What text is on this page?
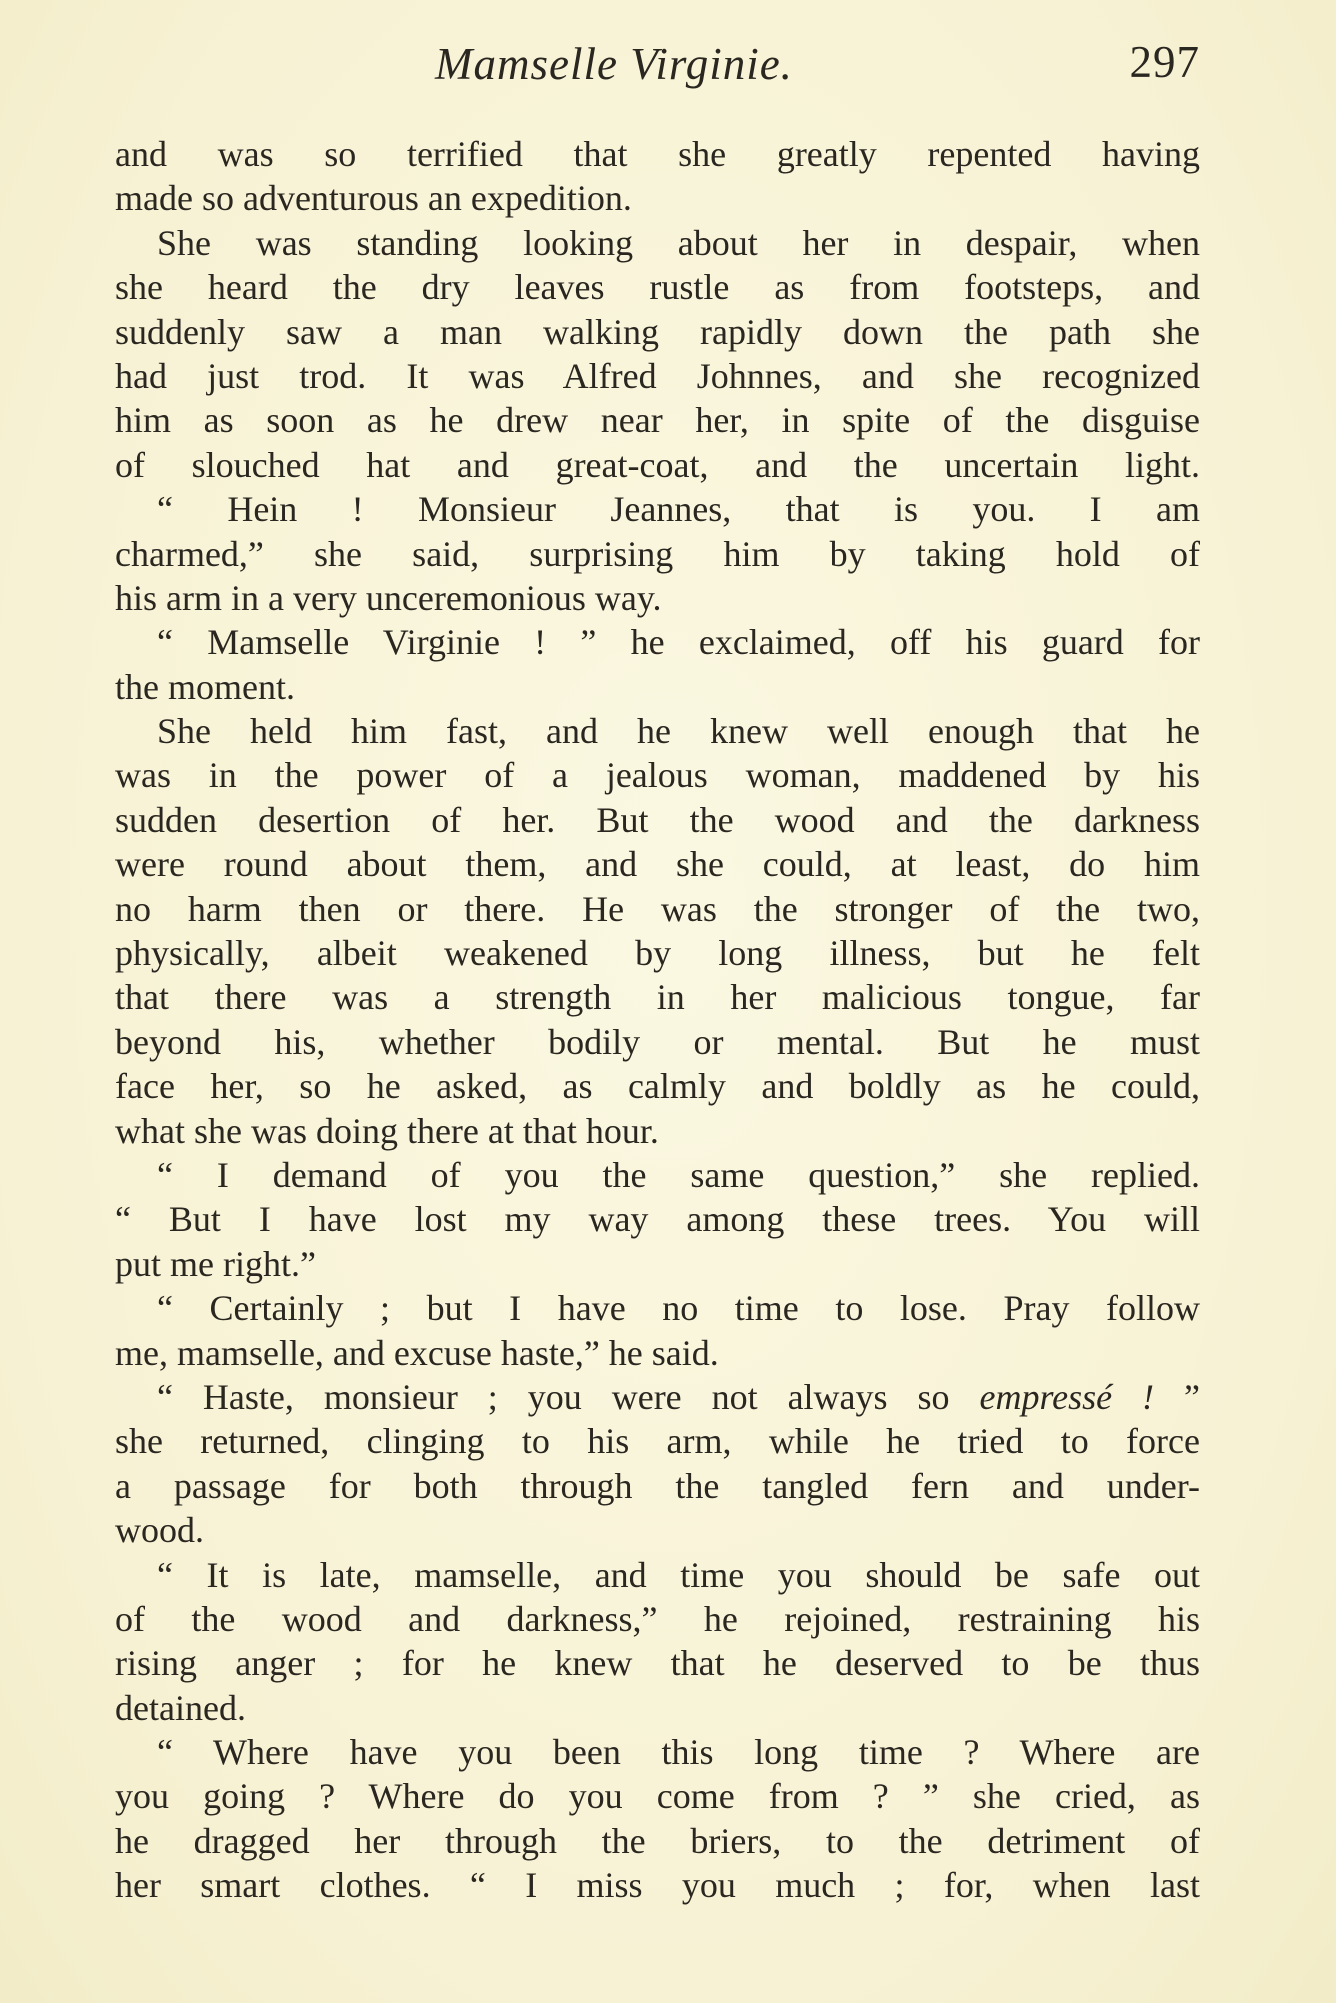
Mamselle Virginie.	297
and was so terrified that she greatly repented having
made so adventurous an expedition.
She was standing looking about her in despair, when
she heard the dry leaves rustle as from footsteps, and
suddenly saw a man walking rapidly down the path she
had just trod. It was Alfred Johnnes, and she recognized
him as soon as he drew near her, in spite of the disguise
of slouched hat and great-coat, and the uncertain light.
“ Hein ! Monsieur Jeannes, that is you. I am
charmed,” she said, surprising him by taking hold of
his arm in a very unceremonious way.
“ Mamselle Virginie ! ” he exclaimed, off his guard for
the moment.
She held him fast, and he knew well enough that he
was in the power of a jealous woman, maddened by his
sudden desertion of her. But the wood and the darkness
were round about them, and she could, at least, do him
no harm then or there. He was the stronger of the two,
physically, albeit weakened by long illness, but he felt
that there was a strength in her malicious tongue, far
beyond his, whether bodily or mental. But he must
face her, so he asked, as calmly and boldly as he could,
what she was doing there at that hour.
“ I demand of you the same question,” she replied.
“ But I have lost my way among these trees. You will
put me right.”
“ Certainly ; but I have no time to lose. Pray follow
me, mamselle, and excuse haste,” he said.
“ Haste, monsieur ; you were not always so empressé ! ”
she returned, clinging to his arm, while he tried to force
a passage for both through the tangled fern and under-
wood.
“ It is late, mamselle, and time you should be safe out
of the wood and darkness,” he rejoined, restraining his
rising anger ; for he knew that he deserved to be thus
detained.
“ Where have you been this long time ? Where are
you going ? Where do you come from ? ” she cried, as
he dragged her through the briers, to the detriment of
her smart clothes. “ I miss you much ; for, when last
